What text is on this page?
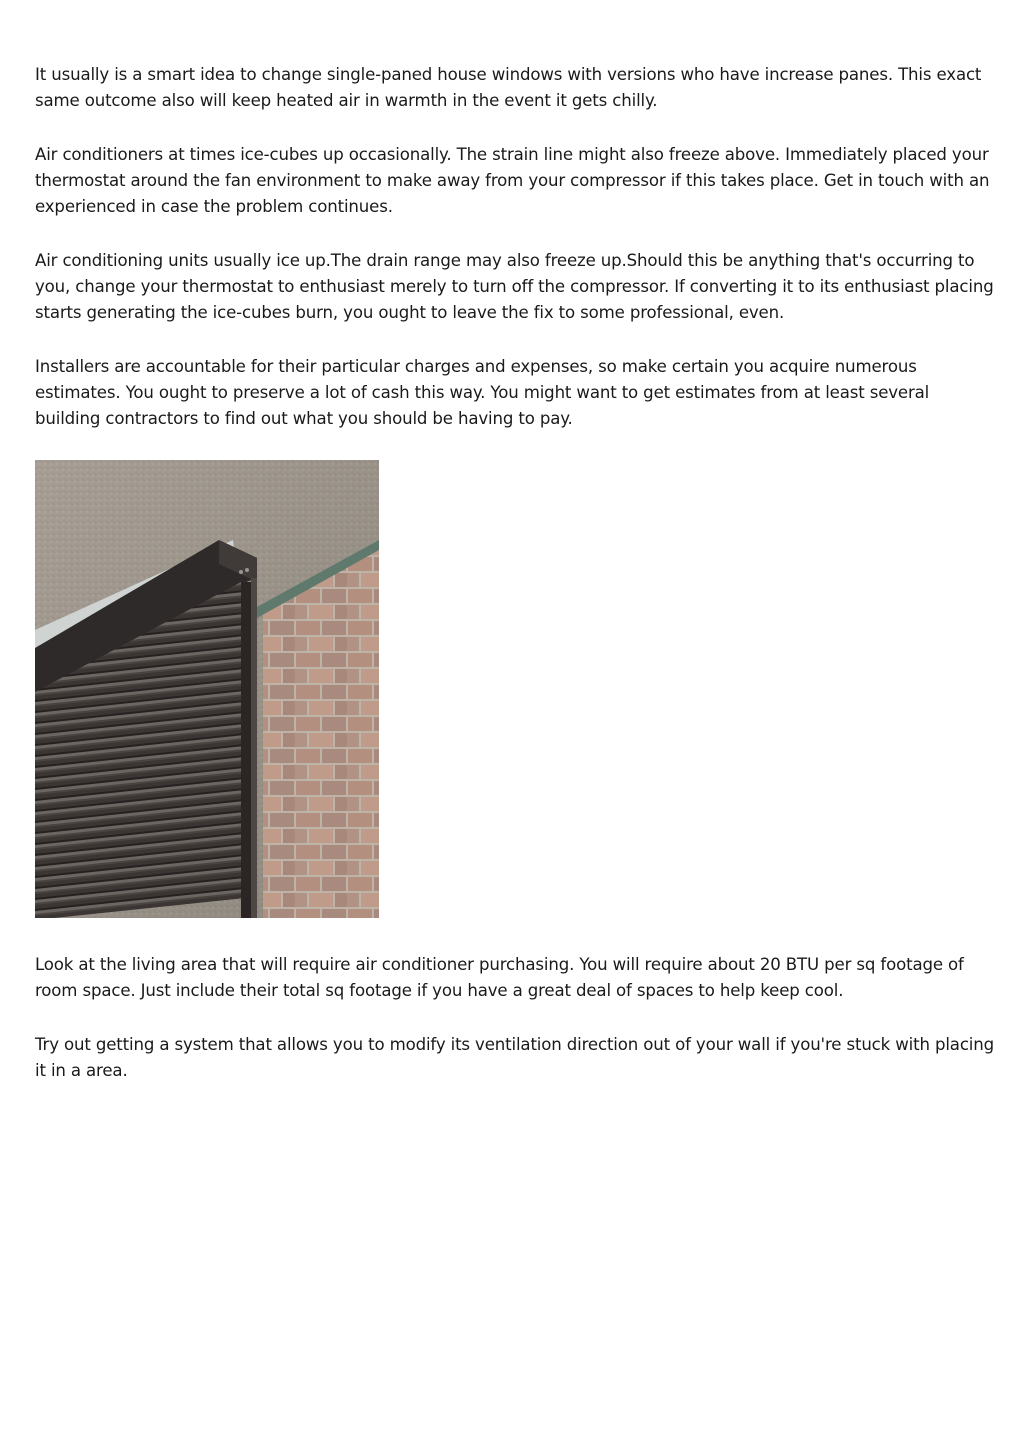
It usually is a smart idea to change single-paned house windows with versions who have increase panes. This exact same outcome also will keep heated air in warmth in the event it gets chilly.

Air conditioners at times ice-cubes up occasionally. The strain line might also freeze above. Immediately placed your thermostat around the fan environment to make away from your compressor if this takes place. Get in touch with an experienced in case the problem continues.

Air conditioning units usually ice up.The drain range may also freeze up.Should this be anything that's occurring to you, change your thermostat to enthusiast merely to turn off the compressor. If converting it to its enthusiast placing starts generating the ice-cubes burn, you ought to leave the fix to some professional, even.

Installers are accountable for their particular charges and expenses, so make certain you acquire numerous estimates. You ought to preserve a lot of cash this way. You might want to get estimates from at least several building contractors to find out what you should be having to pay.

Look at the living area that will require air conditioner purchasing. You will require about 20 BTU per sq footage of room space. Just include their total sq footage if you have a great deal of spaces to help keep cool.

Try out getting a system that allows you to modify its ventilation direction out of your wall if you're stuck with placing it in a area.
